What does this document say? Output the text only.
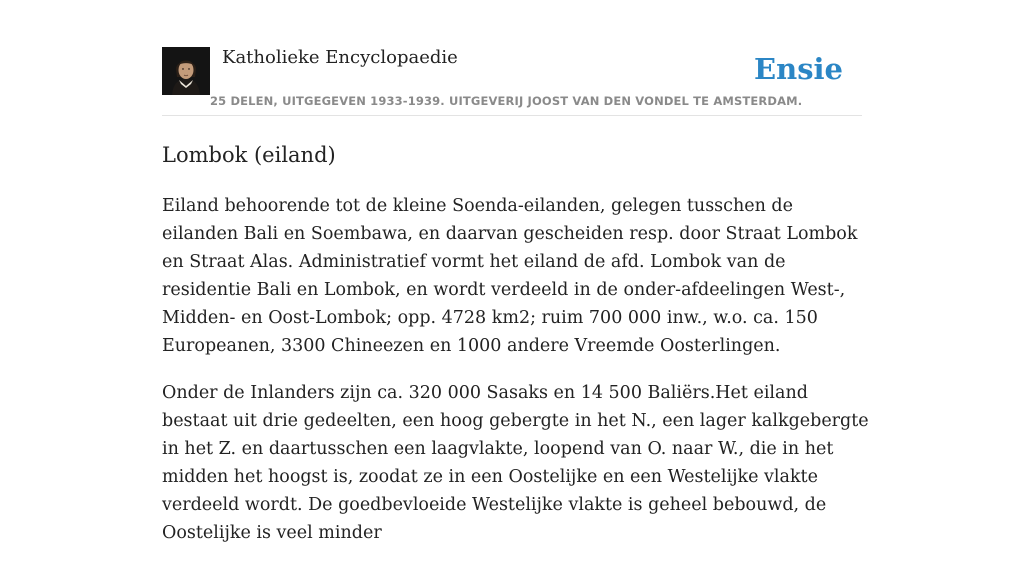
Katholieke Encyclopaedie
25 DELEN, UITGEGEVEN 1933-1939. UITGEVERIJ JOOST VAN DEN VONDEL TE AMSTERDAM.
Ensie
Lombok (eiland)

Eiland behoorende tot de kleine Soenda-eilanden, gelegen tusschen de eilanden Bali en Soembawa, en daarvan gescheiden resp. door Straat Lombok en Straat Alas. Administratief vormt het eiland de afd. Lombok van de residentie Bali en Lombok, en wordt verdeeld in de onder-afdeelingen West-, Midden- en Oost-Lombok; opp. 4728 km2; ruim 700 000 inw., w.o. ca. 150 Europeanen, 3300 Chineezen en 1000 andere Vreemde Oosterlingen.

Onder de Inlanders zijn ca. 320 000 Sasaks en 14 500 Baliërs.Het eiland bestaat uit drie gedeelten, een hoog gebergte in het N., een lager kalkgebergte in het Z. en daartusschen een laagvlakte, loopend van O. naar W., die in het midden het hoogst is, zoodat ze in een Oostelijke en een Westelijke vlakte verdeeld wordt. De goedbevloeide Westelijke vlakte is geheel bebouwd, de Oostelijke is veel minder
